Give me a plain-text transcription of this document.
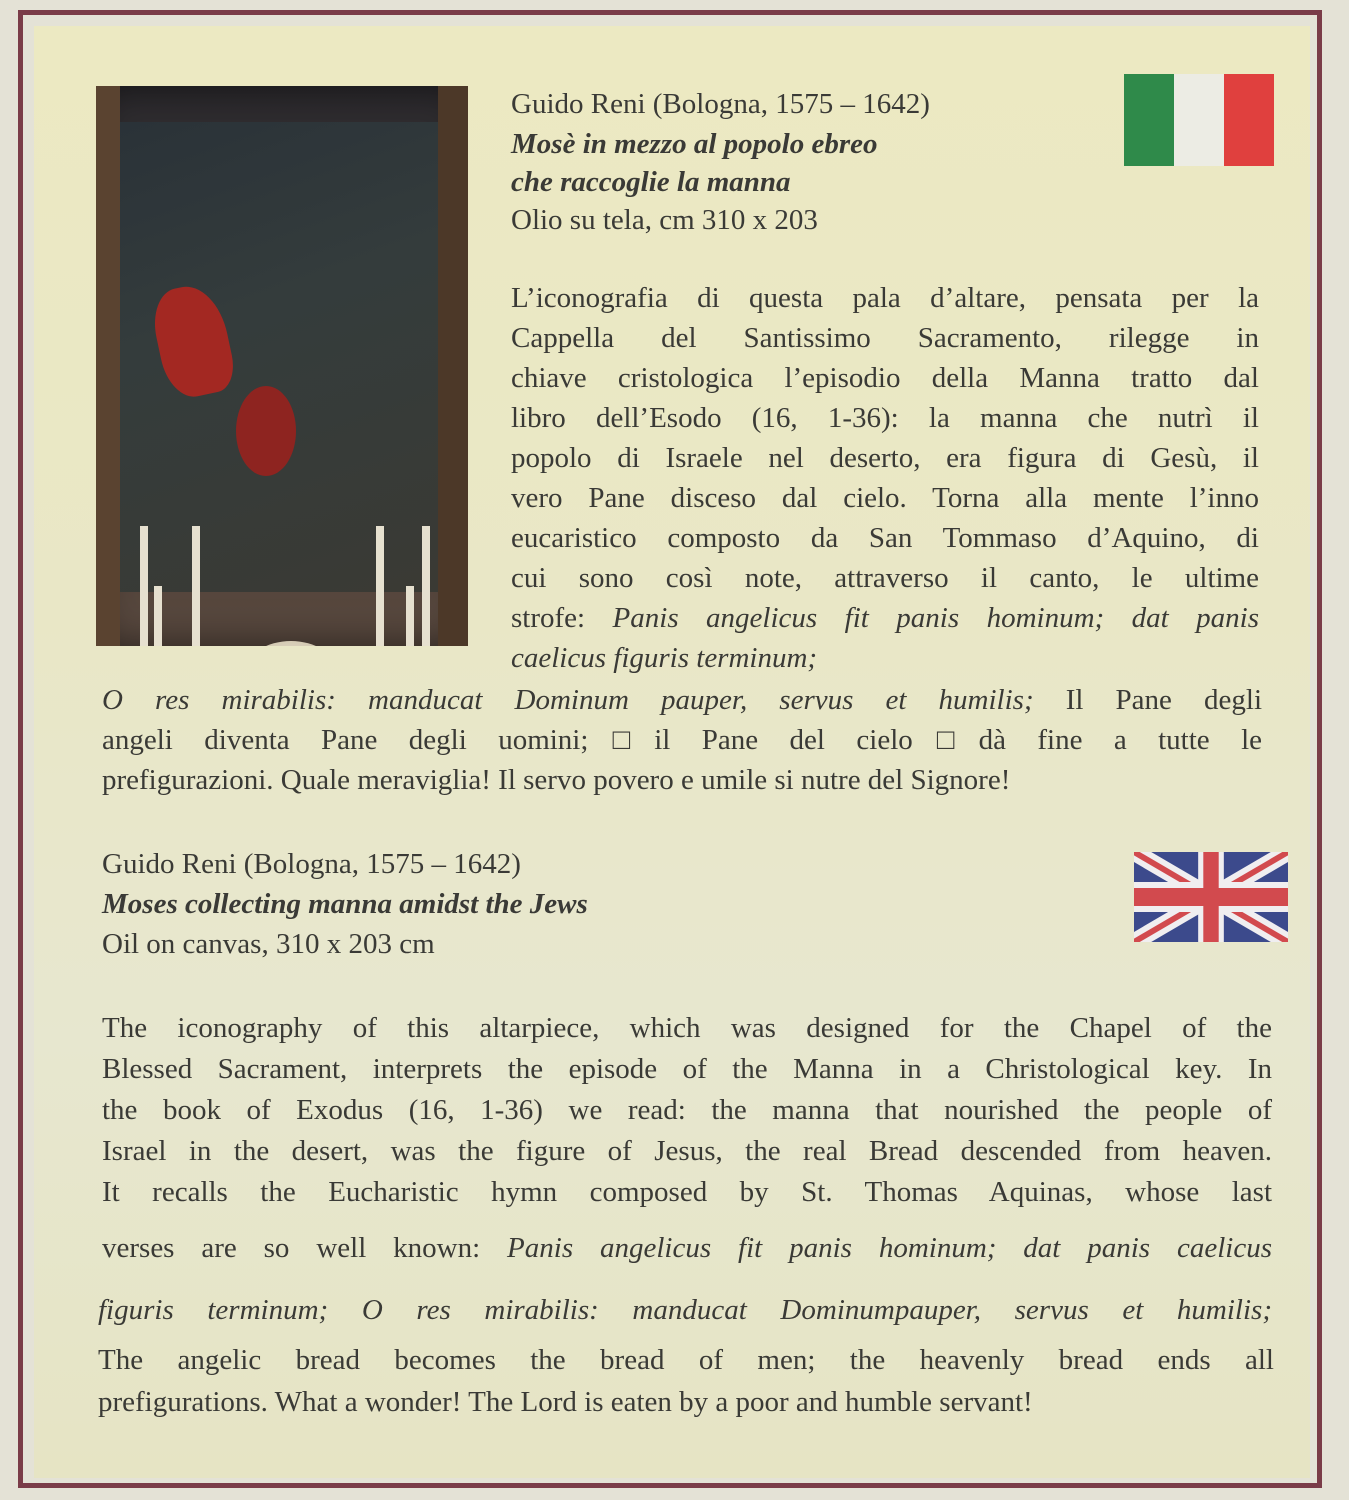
Guido Reni (Bologna, 1575 – 1642)
Mosè in mezzo al popolo ebreo
che raccoglie la manna
Olio su tela, cm 310 x 203
L’iconografia di questa pala d’altare, pensata per la
Cappella del Santissimo Sacramento, rilegge in
chiave cristologica l’episodio della Manna tratto dal
libro dell’Esodo (16, 1-36): la manna che nutrì il
popolo di Israele nel deserto, era figura di Gesù, il
vero Pane disceso dal cielo. Torna alla mente l’inno
eucaristico composto da San Tommaso d’Aquino, di
cui sono così note, attraverso il canto, le ultime
strofe: Panis angelicus fit panis hominum; dat panis
caelicus figuris terminum;
O res mirabilis: manducat Dominum pauper, servus et humilis; Il Pane degli
angeli diventa Pane degli uomini;□il Pane del cielo□dà fine a tutte le
prefigurazioni. Quale meraviglia! Il servo povero e umile si nutre del Signore!
Guido Reni (Bologna, 1575 – 1642)
Moses collecting manna amidst the Jews
Oil on canvas, 310 x 203 cm
The iconography of this altarpiece, which was designed for the Chapel of the
Blessed Sacrament, interprets the episode of the Manna in a Christological key. In
the book of Exodus (16, 1-36) we read: the manna that nourished the people of
Israel in the desert, was the figure of Jesus, the real Bread descended from heaven.
It recalls the Eucharistic hymn composed by St. Thomas Aquinas, whose last
verses are so well known: Panis angelicus fit panis hominum; dat panis caelicus
figuris terminum; O res mirabilis: manducat Dominumpauper, servus et humilis;
The angelic bread becomes the bread of men; the heavenly bread ends all
prefigurations. What a wonder! The Lord is eaten by a poor and humble servant!
